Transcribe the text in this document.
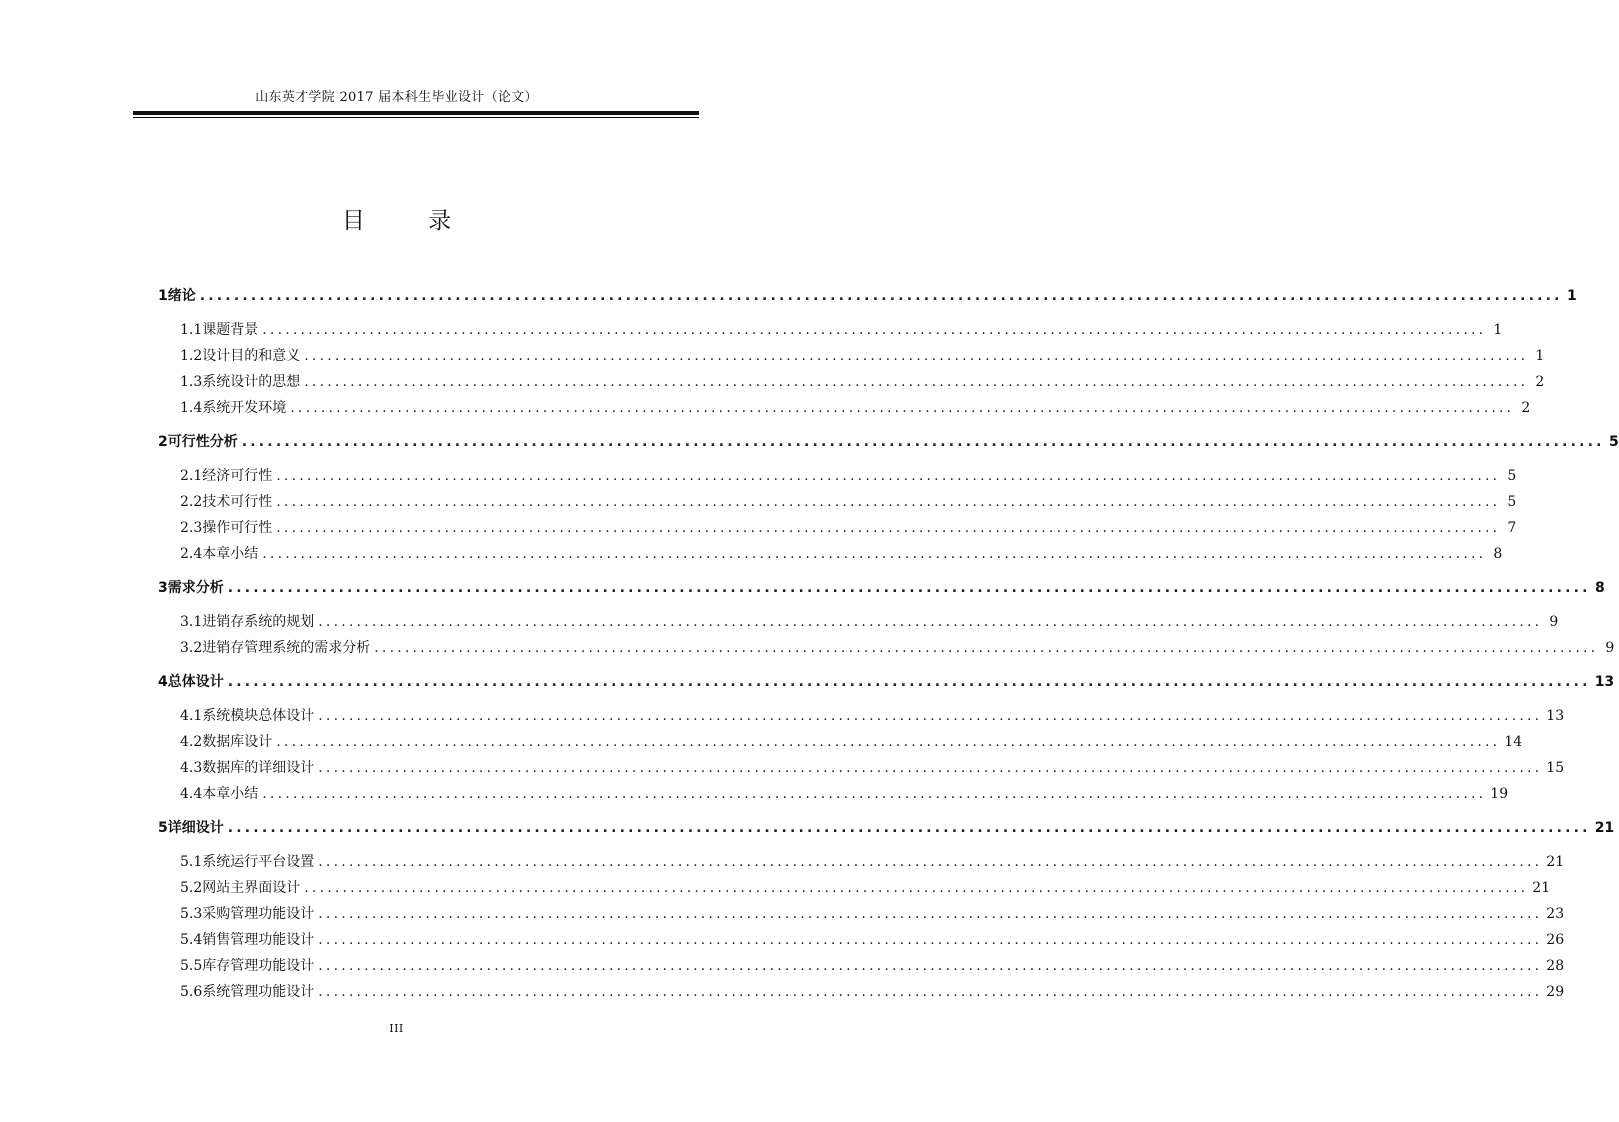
山东英才学院 2017 届本科生毕业设计（论文）
目 录
1 绪论 ................................................................................................................................................................ 1
1.1 课题背景 ................................................................................................................................................................ 1
1.2 设计目的和意义 ................................................................................................................................................................ 1
1.3 系统设计的思想 ................................................................................................................................................................ 2
1.4 系统开发环境 ................................................................................................................................................................ 2
2 可行性分析 ................................................................................................................................................................ 5
2.1 经济可行性 ................................................................................................................................................................ 5
2.2 技术可行性 ................................................................................................................................................................ 5
2.3 操作可行性 ................................................................................................................................................................ 7
2.4 本章小结 ................................................................................................................................................................ 8
3 需求分析 ................................................................................................................................................................ 8
3.1 进销存系统的规划 ................................................................................................................................................................ 9
3.2 进销存管理系统的需求分析 ................................................................................................................................................................ 9
4 总体设计 ................................................................................................................................................................ 13
4.1 系统模块总体设计 ................................................................................................................................................................ 13
4.2 数据库设计 ................................................................................................................................................................ 14
4.3 数据库的详细设计 ................................................................................................................................................................ 15
4.4 本章小结 ................................................................................................................................................................ 19
5 详细设计 ................................................................................................................................................................ 21
5.1 系统运行平台设置 ................................................................................................................................................................ 21
5.2 网站主界面设计 ................................................................................................................................................................ 21
5.3 采购管理功能设计 ................................................................................................................................................................ 23
5.4 销售管理功能设计 ................................................................................................................................................................ 26
5.5 库存管理功能设计 ................................................................................................................................................................ 28
5.6 系统管理功能设计 ................................................................................................................................................................ 29
III
